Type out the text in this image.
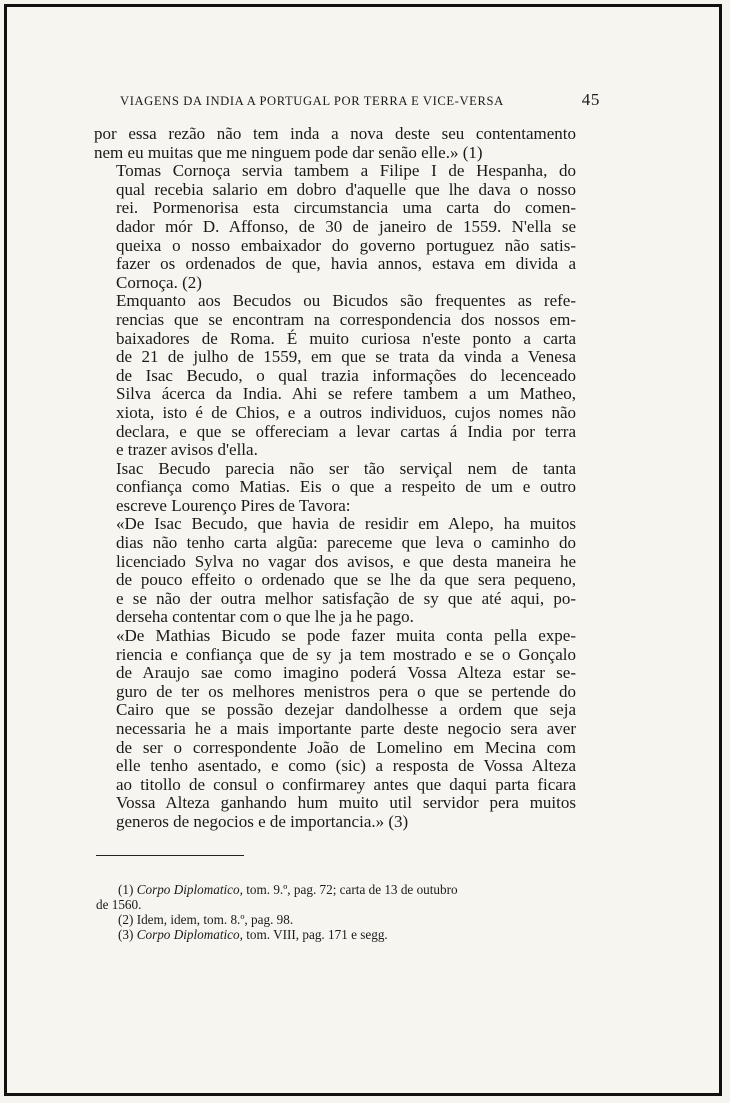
VIAGENS DA INDIA A PORTUGAL POR TERRA E VICE-VERSA	45

por essa rezão não tem inda a nova deste seu contentamento
nem eu muitas que me ninguem pode dar senão elle.» (1)

Tomas Cornoça servia tambem a Filipe I de Hespanha, do
qual recebia salario em dobro d'aquelle que lhe dava o nosso
rei. Pormenorisa esta circumstancia uma carta do comen-
dador mór D. Affonso, de 30 de janeiro de 1559. N'ella se
queixa o nosso embaixador do governo portuguez não satis-
fazer os ordenados de que, havia annos, estava em divida a
Cornoça. (2)

Emquanto aos Becudos ou Bicudos são frequentes as refe-
rencias que se encontram na correspondencia dos nossos em-
baixadores de Roma. É muito curiosa n'este ponto a carta
de 21 de julho de 1559, em que se trata da vinda a Venesa
de Isac Becudo, o qual trazia informações do lecenceado
Silva ácerca da India. Ahi se refere tambem a um Matheo,
xiota, isto é de Chios, e a outros individuos, cujos nomes não
declara, e que se offereciam a levar cartas á India por terra
e trazer avisos d'ella.

Isac Becudo parecia não ser tão serviçal nem de tanta
confiança como Matias. Eis o que a respeito de um e outro
escreve Lourenço Pires de Tavora:

«De Isac Becudo, que havia de residir em Alepo, ha muitos
dias não tenho carta algũa: pareceme que leva o caminho do
licenciado Sylva no vagar dos avisos, e que desta maneira he
de pouco effeito o ordenado que se lhe da que sera pequeno,
e se não der outra melhor satisfação de sy que até aqui, po-
derseha contentar com o que lhe ja he pago.

«De Mathias Bicudo se pode fazer muita conta pella expe-
riencia e confiança que de sy ja tem mostrado e se o Gonçalo
de Araujo sae como imagino poderá Vossa Alteza estar se-
guro de ter os melhores menistros pera o que se pertende do
Cairo que se possão dezejar dandolhesse a ordem que seja
necessaria he a mais importante parte deste negocio sera aver
de ser o correspondente João de Lomelino em Mecina com
elle tenho asentado, e como (sic) a resposta de Vossa Alteza
ao titollo de consul o confirmarey antes que daqui parta ficara
Vossa Alteza ganhando hum muito util servidor pera muitos
generos de negocios e de importancia.» (3)

(1) Corpo Diplomatico, tom. 9.º, pag. 72; carta de 13 de outubro
de 1560.

(2) Idem, idem, tom. 8.º, pag. 98.

(3) Corpo Diplomatico, tom. VIII, pag. 171 e segg.
